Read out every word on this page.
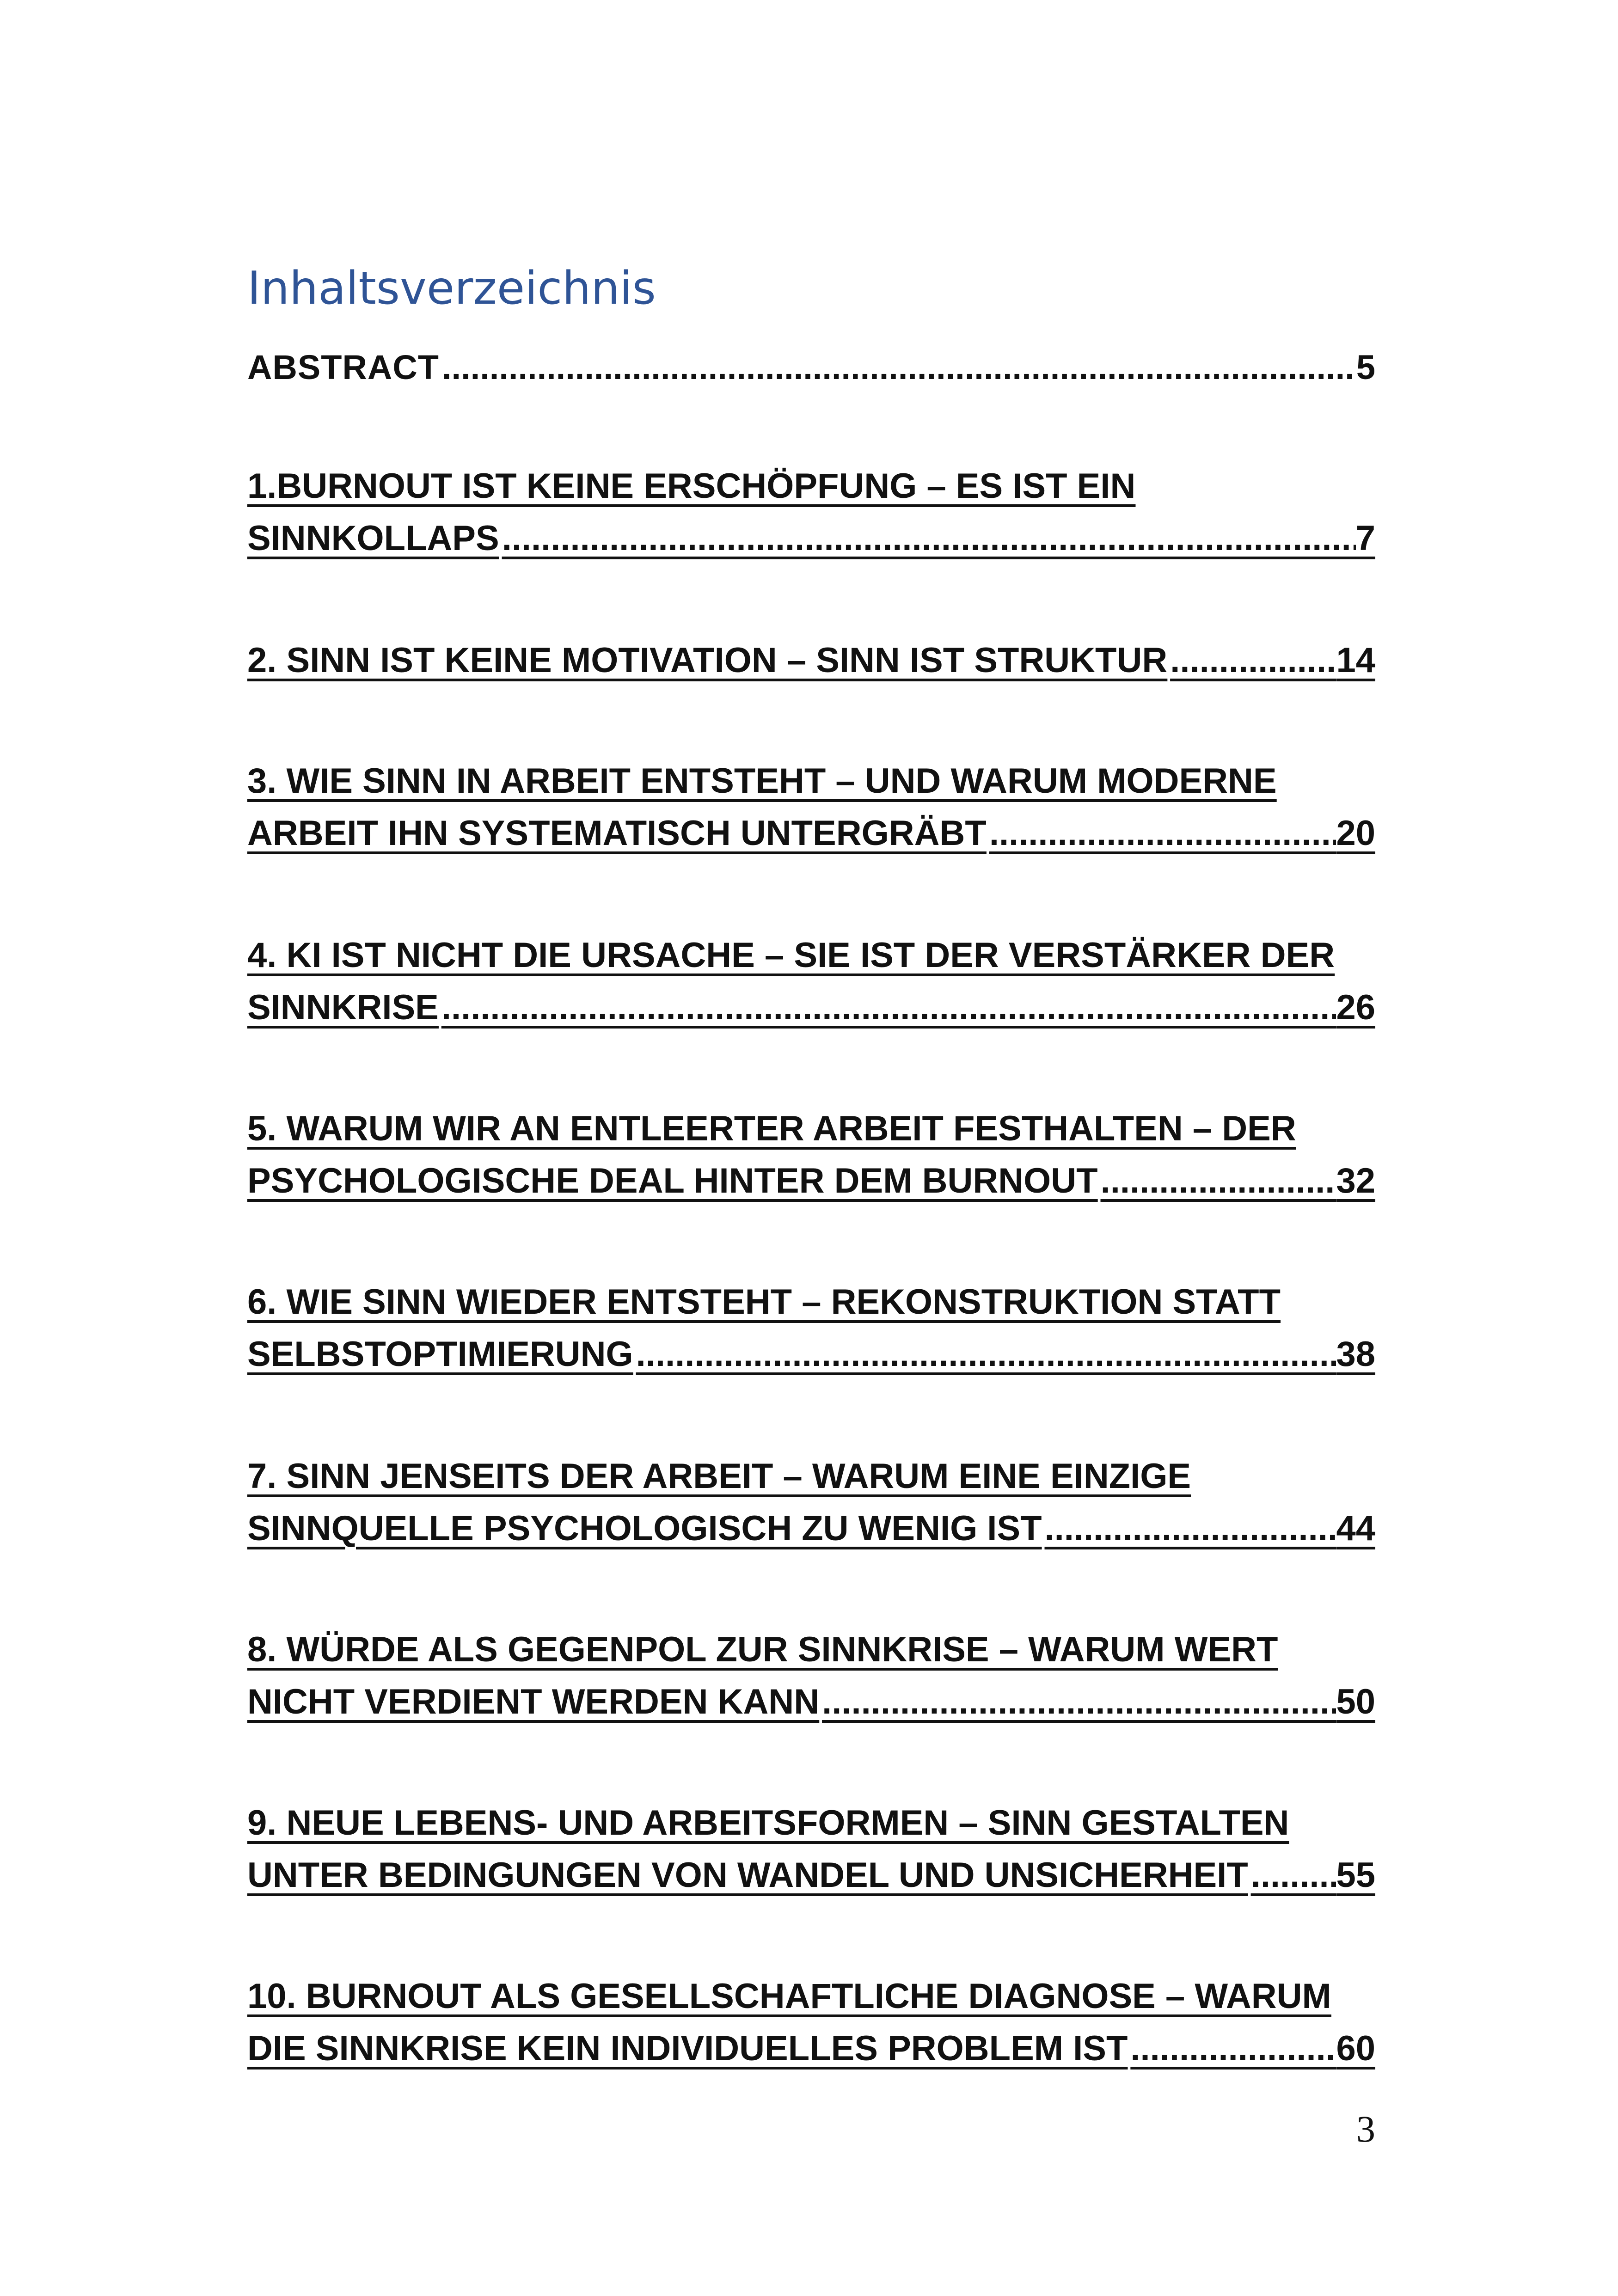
Inhaltsverzeichnis
ABSTRACT .....	5
1.BURNOUT IST KEINE ERSCHÖPFUNG – ES IST EIN
SINNKOLLAPS .....	7
2. SINN IST KEINE MOTIVATION – SINN IST STRUKTUR .....	14
3. WIE SINN IN ARBEIT ENTSTEHT – UND WARUM MODERNE
ARBEIT IHN SYSTEMATISCH UNTERGRÄBT .....	20
4. KI IST NICHT DIE URSACHE – SIE IST DER VERSTÄRKER DER
SINNKRISE .....	26
5. WARUM WIR AN ENTLEERTER ARBEIT FESTHALTEN – DER
PSYCHOLOGISCHE DEAL HINTER DEM BURNOUT .....	32
6. WIE SINN WIEDER ENTSTEHT – REKONSTRUKTION STATT
SELBSTOPTIMIERUNG .....	38
7. SINN JENSEITS DER ARBEIT – WARUM EINE EINZIGE
SINNQUELLE PSYCHOLOGISCH ZU WENIG IST .....	44
8. WÜRDE ALS GEGENPOL ZUR SINNKRISE – WARUM WERT
NICHT VERDIENT WERDEN KANN .....	50
9. NEUE LEBENS- UND ARBEITSFORMEN – SINN GESTALTEN
UNTER BEDINGUNGEN VON WANDEL UND UNSICHERHEIT .....	55
10. BURNOUT ALS GESELLSCHAFTLICHE DIAGNOSE – WARUM
DIE SINNKRISE KEIN INDIVIDUELLES PROBLEM IST .....	60
3
